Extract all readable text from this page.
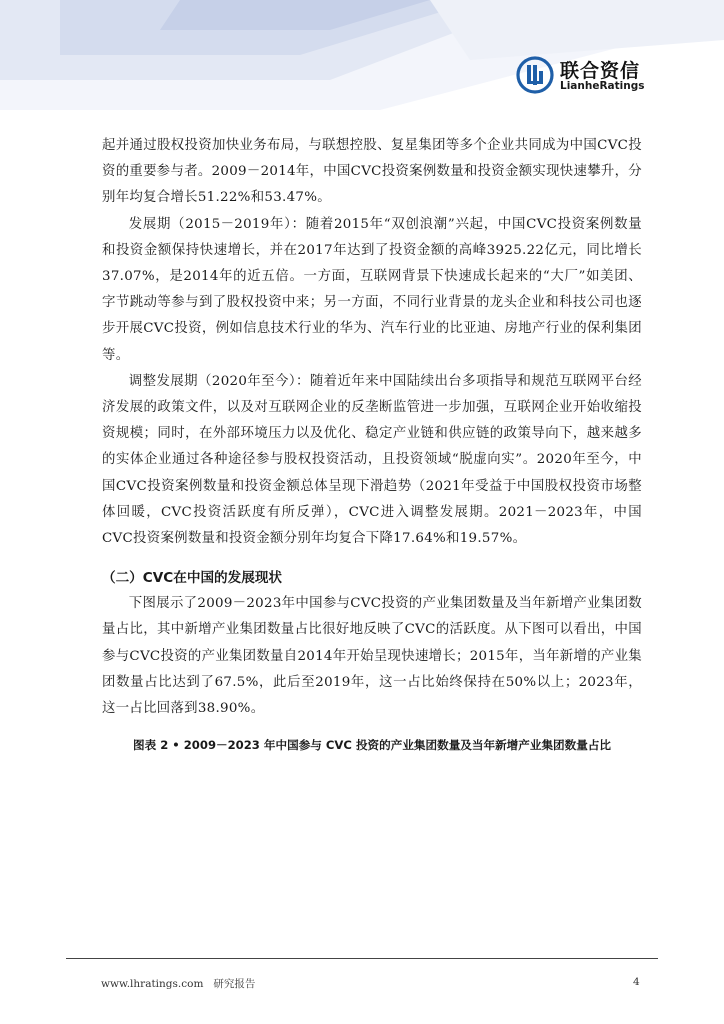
联合资信
LianheRatings

起并通过股权投资加快业务布局，与联想控股、复星集团等多个企业共同成为中国CVC投资的重要参与者。2009－2014年，中国CVC投资案例数量和投资金额实现快速攀升，分别年均复合增长51.22%和53.47%。

发展期（2015－2019年）：随着2015年“双创浪潮”兴起，中国CVC投资案例数量和投资金额保持快速增长，并在2017年达到了投资金额的高峰3925.22亿元，同比增长37.07%，是2014年的近五倍。一方面，互联网背景下快速成长起来的“大厂”如美团、字节跳动等参与到了股权投资中来；另一方面，不同行业背景的龙头企业和科技公司也逐步开展CVC投资，例如信息技术行业的华为、汽车行业的比亚迪、房地产行业的保利集团等。

调整发展期（2020年至今）：随着近年来中国陆续出台多项指导和规范互联网平台经济发展的政策文件，以及对互联网企业的反垄断监管进一步加强，互联网企业开始收缩投资规模；同时，在外部环境压力以及优化、稳定产业链和供应链的政策导向下，越来越多的实体企业通过各种途径参与股权投资活动，且投资领域“脱虚向实”。2020年至今，中国CVC投资案例数量和投资金额总体呈现下滑趋势（2021年受益于中国股权投资市场整体回暖，CVC投资活跃度有所反弹），CVC进入调整发展期。2021－2023年，中国CVC投资案例数量和投资金额分别年均复合下降17.64%和19.57%。

（二）CVC在中国的发展现状

下图展示了2009－2023年中国参与CVC投资的产业集团数量及当年新增产业集团数量占比，其中新增产业集团数量占比很好地反映了CVC的活跃度。从下图可以看出，中国参与CVC投资的产业集团数量自2014年开始呈现快速增长；2015年，当年新增的产业集团数量占比达到了67.5%，此后至2019年，这一占比始终保持在50%以上；2023年，这一占比回落到38.90%。

图表 2 • 2009－2023 年中国参与 CVC 投资的产业集团数量及当年新增产业集团数量占比
www.lhratings.com 研究报告	4
